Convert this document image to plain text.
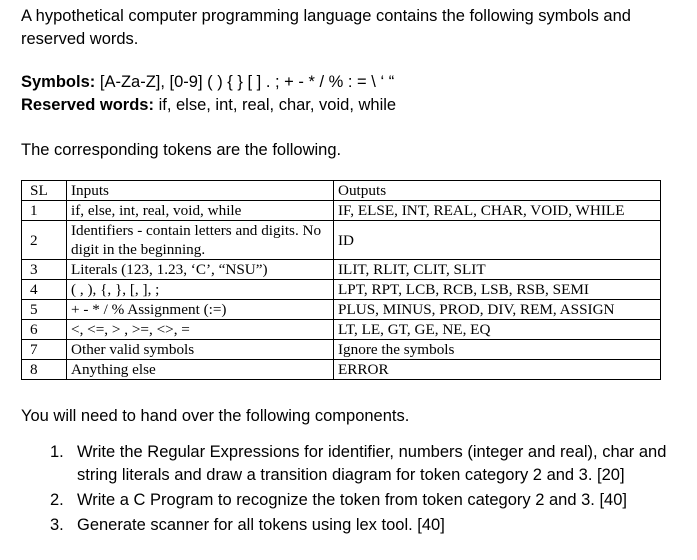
A hypothetical computer programming language contains the following symbols and reserved words.
Symbols: [A-Za-Z], [0-9] ( ) { } [ ] . ; + - * / % : = \ ‘ “
Reserved words: if, else, int, real, char, void, while
The corresponding tokens are the following.
SL	Inputs	Outputs
1	if, else, int, real, void, while	IF, ELSE, INT, REAL, CHAR, VOID, WHILE
2	Identifiers - contain letters and digits. No digit in the beginning.	ID
3	Literals (123, 1.23, ‘C’, “NSU”)	ILIT, RLIT, CLIT, SLIT
4	( , ), {, }, [, ], ;	LPT, RPT, LCB, RCB, LSB, RSB, SEMI
5	+ - * / % Assignment (:=)	PLUS, MINUS, PROD, DIV, REM, ASSIGN
6	<, <=, > , >=, <>, =	LT, LE, GT, GE, NE, EQ
7	Other valid symbols	Ignore the symbols
8	Anything else	ERROR
You will need to hand over the following components.
1. Write the Regular Expressions for identifier, numbers (integer and real), char and string literals and draw a transition diagram for token category 2 and 3. [20]
2. Write a C Program to recognize the token from token category 2 and 3. [40]
3. Generate scanner for all tokens using lex tool. [40]
